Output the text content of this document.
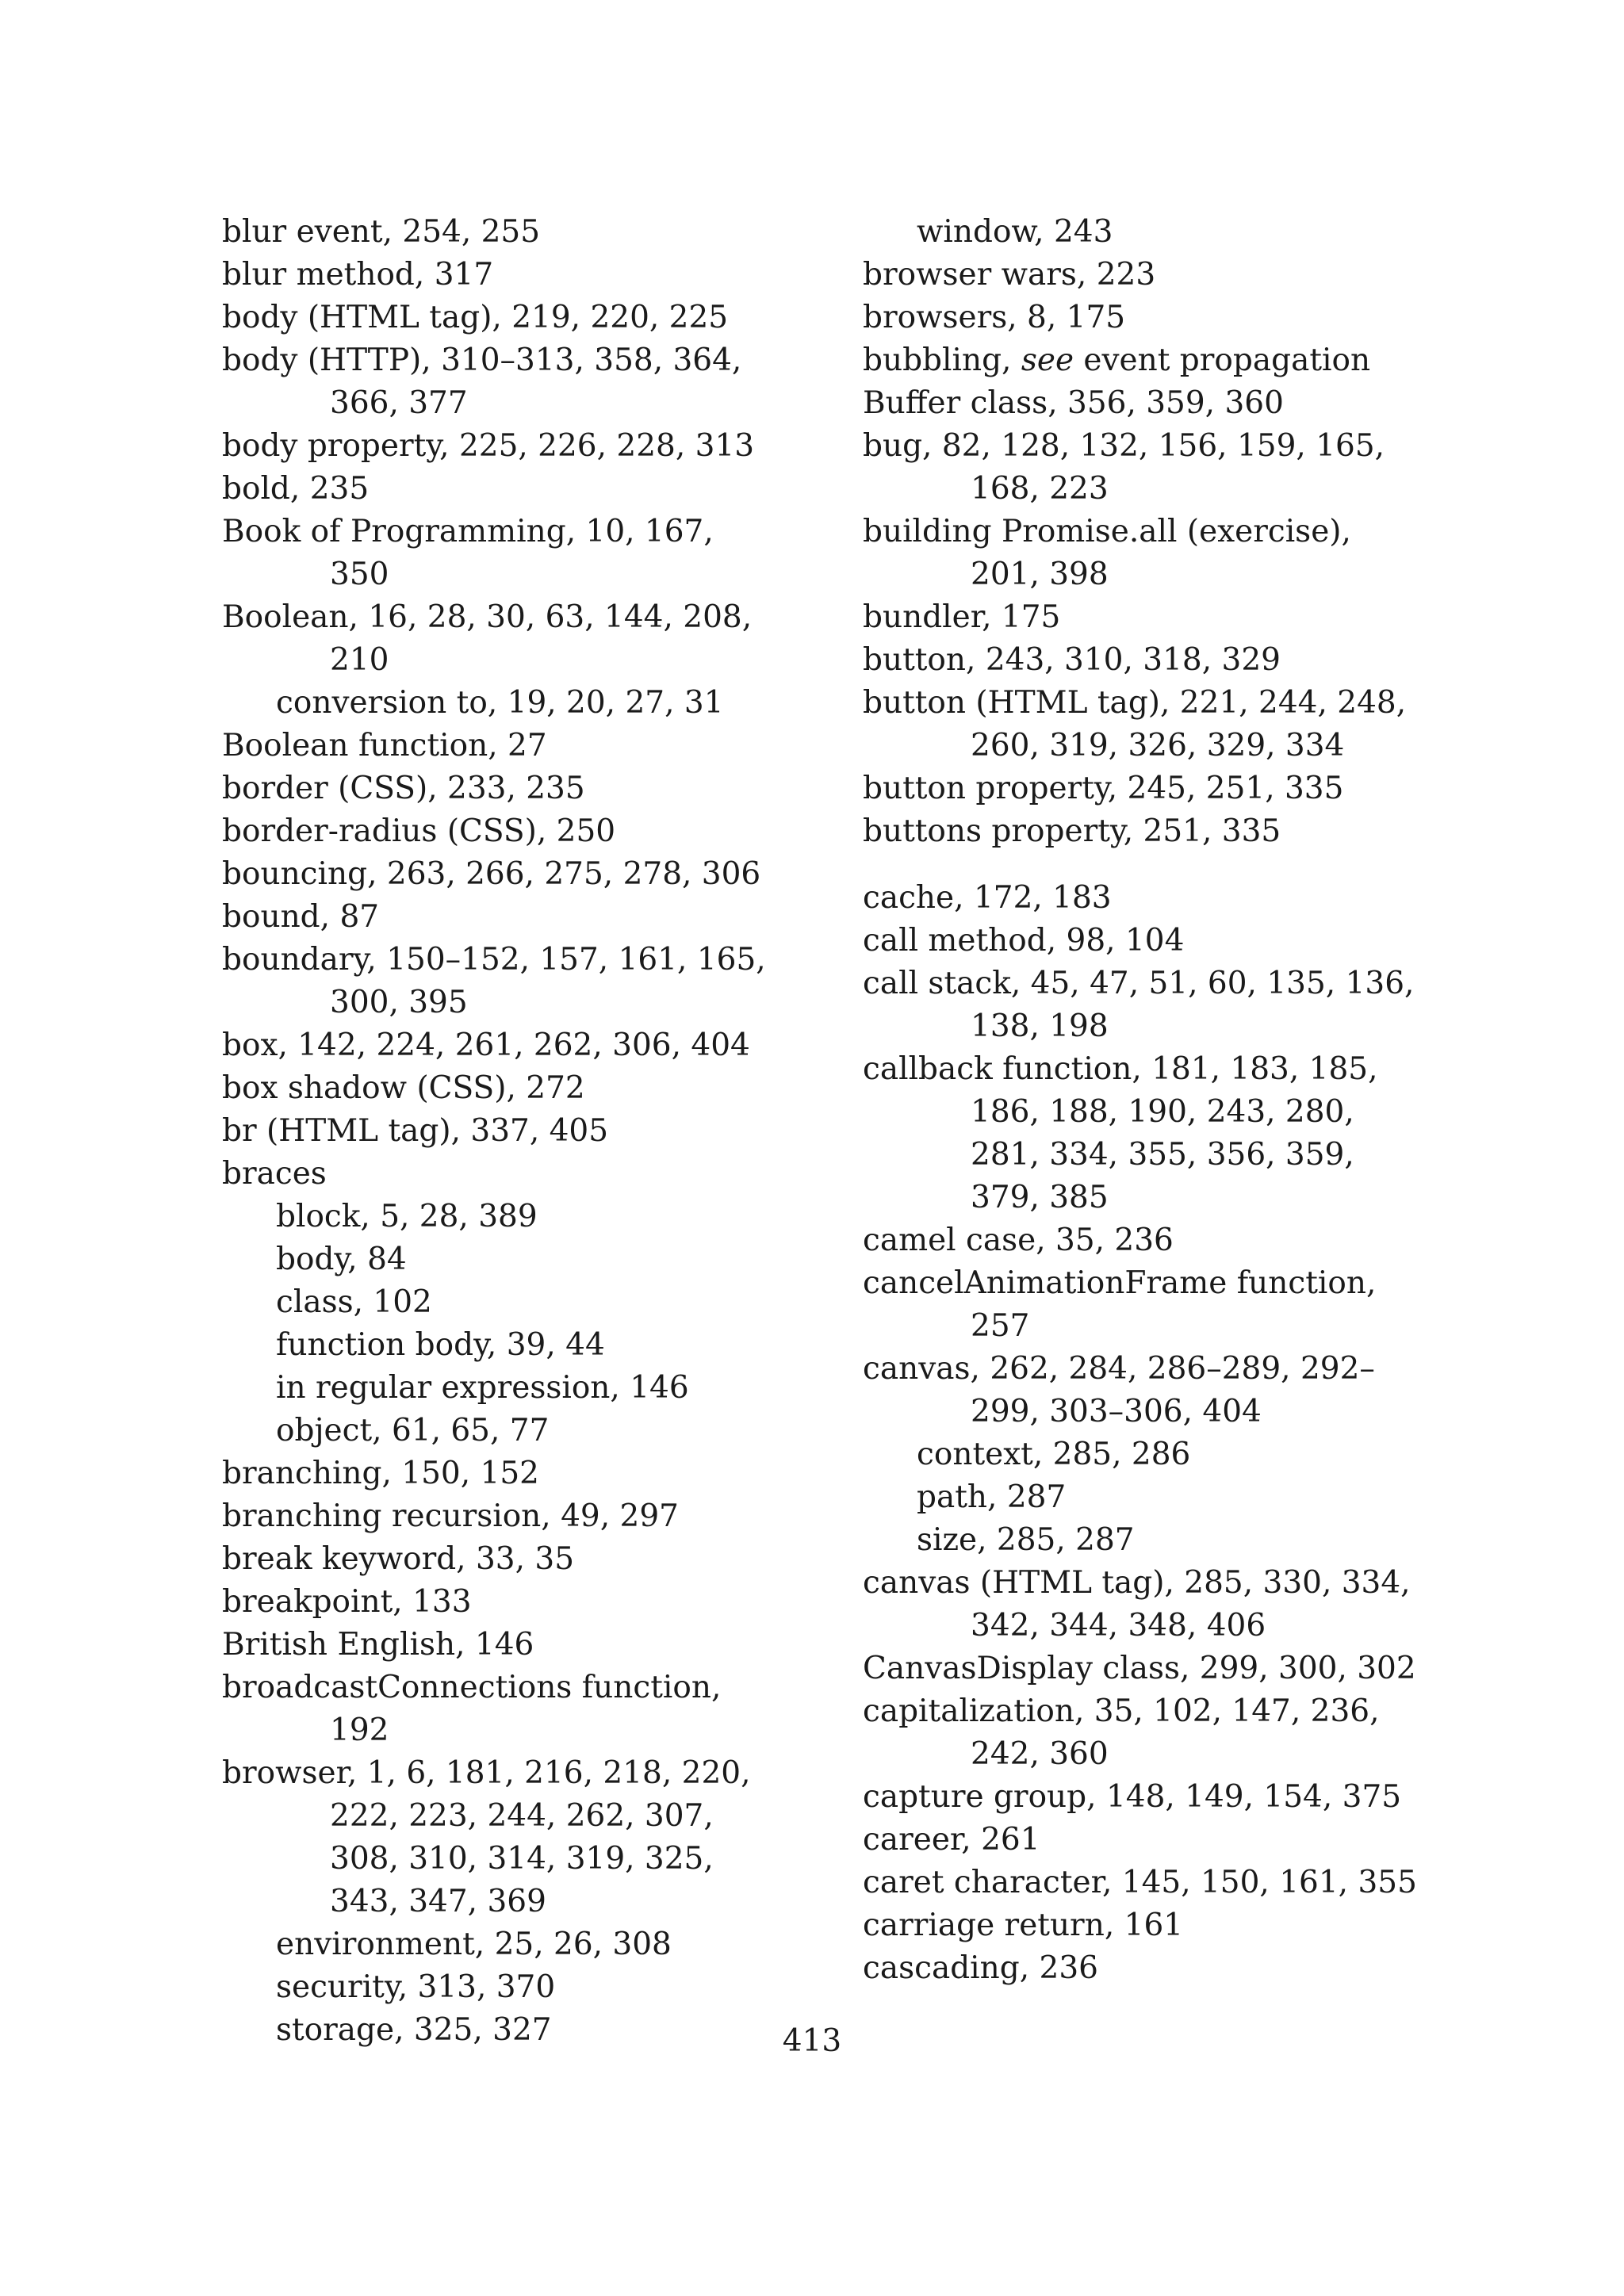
blur event, 254, 255
blur method, 317
body (HTML tag), 219, 220, 225
body (HTTP), 310–313, 358, 364, 366, 377
body property, 225, 226, 228, 313
bold, 235
Book of Programming, 10, 167, 350
Boolean, 16, 28, 30, 63, 144, 208, 210
conversion to, 19, 20, 27, 31
Boolean function, 27
border (CSS), 233, 235
border-radius (CSS), 250
bouncing, 263, 266, 275, 278, 306
bound, 87
boundary, 150–152, 157, 161, 165, 300, 395
box, 142, 224, 261, 262, 306, 404
box shadow (CSS), 272
br (HTML tag), 337, 405
braces
block, 5, 28, 389
body, 84
class, 102
function body, 39, 44
in regular expression, 146
object, 61, 65, 77
branching, 150, 152
branching recursion, 49, 297
break keyword, 33, 35
breakpoint, 133
British English, 146
broadcastConnections function, 192
browser, 1, 6, 181, 216, 218, 220, 222, 223, 244, 262, 307, 308, 310, 314, 319, 325, 343, 347, 369
environment, 25, 26, 308
security, 313, 370
storage, 325, 327
window, 243
browser wars, 223
browsers, 8, 175
bubbling, see event propagation
Buffer class, 356, 359, 360
bug, 82, 128, 132, 156, 159, 165, 168, 223
building Promise.all (exercise), 201, 398
bundler, 175
button, 243, 310, 318, 329
button (HTML tag), 221, 244, 248, 260, 319, 326, 329, 334
button property, 245, 251, 335
buttons property, 251, 335
cache, 172, 183
call method, 98, 104
call stack, 45, 47, 51, 60, 135, 136, 138, 198
callback function, 181, 183, 185, 186, 188, 190, 243, 280, 281, 334, 355, 356, 359, 379, 385
camel case, 35, 236
cancelAnimationFrame function, 257
canvas, 262, 284, 286–289, 292–299, 303–306, 404
context, 285, 286
path, 287
size, 285, 287
canvas (HTML tag), 285, 330, 334, 342, 344, 348, 406
CanvasDisplay class, 299, 300, 302
capitalization, 35, 102, 147, 236, 242, 360
capture group, 148, 149, 154, 375
career, 261
caret character, 145, 150, 161, 355
carriage return, 161
cascading, 236
413
